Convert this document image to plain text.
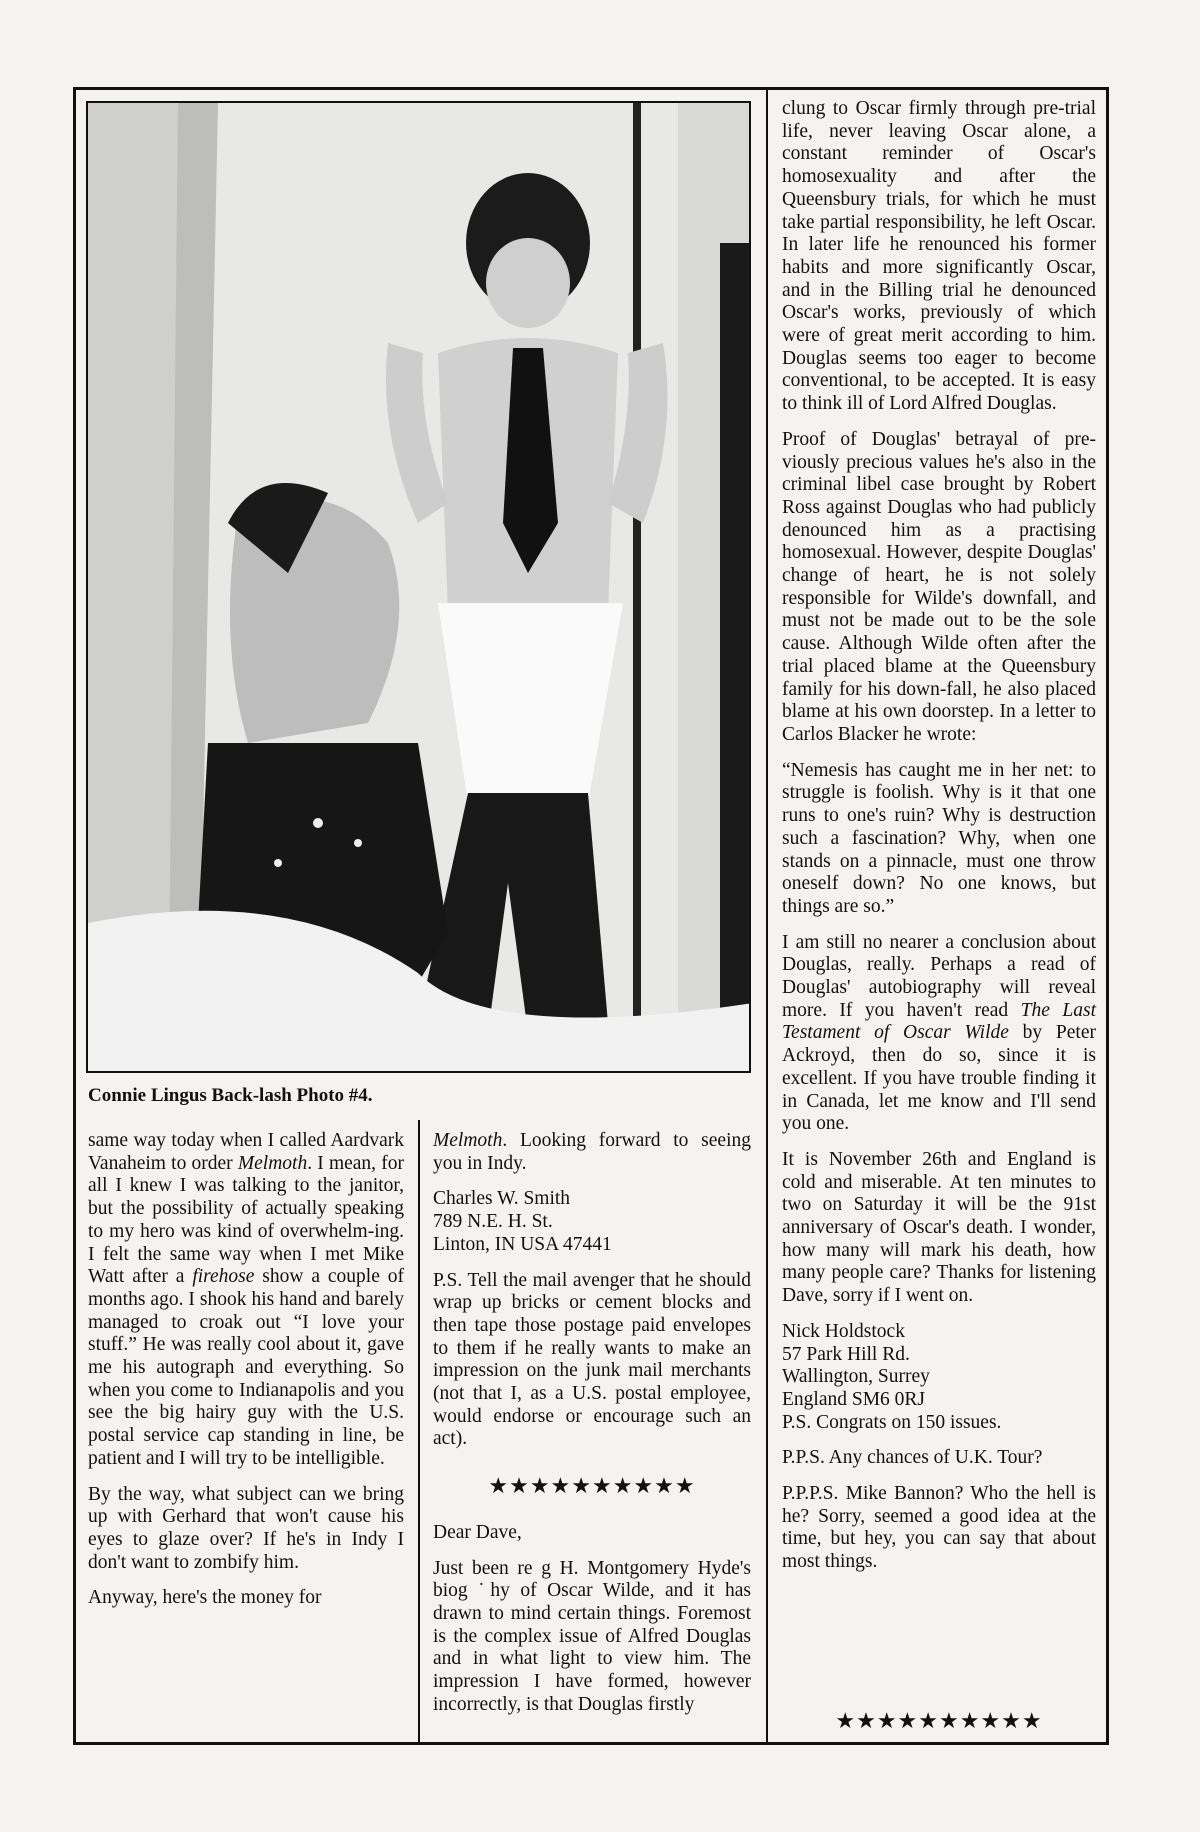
Connie Lingus Back-lash Photo #4.

same way today when I called Aardvark Vanaheim to order Melmoth. I mean, for all I knew I was talking to the janitor, but the possibility of actually speaking to my hero was kind of overwhelm-ing. I felt the same way when I met Mike Watt after a firehose show a couple of months ago. I shook his hand and barely managed to croak out “I love your stuff.” He was really cool about it, gave me his autograph and everything. So when you come to Indianapolis and you see the big hairy guy with the U.S. postal service cap standing in line, be patient and I will try to be intelligible.

By the way, what subject can we bring up with Gerhard that won't cause his eyes to glaze over? If he's in Indy I don't want to zombify him.

Anyway, here's the money for

Melmoth. Looking forward to seeing you in Indy.

Charles W. Smith
789 N.E. H. St.
Linton, IN USA 47441

P.S. Tell the mail avenger that he should wrap up bricks or cement blocks and then tape those postage paid envelopes to them if he really wants to make an impression on the junk mail merchants (not that I, as a U.S. postal employee, would endorse or encourage such an act).

★★★★★★★★★★

Dear Dave,

Just been re g H. Montgomery Hyde's biog ˙hy of Oscar Wilde, and it has drawn to mind certain things. Foremost is the complex issue of Alfred Douglas and in what light to view him. The impression I have formed, however incorrectly, is that Douglas firstly

clung to Oscar firmly through pre-trial life, never leaving Oscar alone, a constant reminder of Oscar's homosexuality and after the Queensbury trials, for which he must take partial responsibility, he left Oscar. In later life he renounced his former habits and more significantly Oscar, and in the Billing trial he denounced Oscar's works, previously of which were of great merit according to him. Douglas seems too eager to become conventional, to be accepted. It is easy to think ill of Lord Alfred Douglas.

Proof of Douglas' betrayal of pre-viously precious values he's also in the criminal libel case brought by Robert Ross against Douglas who had publicly denounced him as a practising homosexual. However, despite Douglas' change of heart, he is not solely responsible for Wilde's downfall, and must not be made out to be the sole cause. Although Wilde often after the trial placed blame at the Queensbury family for his down-fall, he also placed blame at his own doorstep. In a letter to Carlos Blacker he wrote:

“Nemesis has caught me in her net: to struggle is foolish. Why is it that one runs to one's ruin? Why is destruction such a fascination? Why, when one stands on a pinnacle, must one throw oneself down? No one knows, but things are so.”

I am still no nearer a conclusion about Douglas, really. Perhaps a read of Douglas' autobiography will reveal more. If you haven't read The Last Testament of Oscar Wilde by Peter Ackroyd, then do so, since it is excellent. If you have trouble finding it in Canada, let me know and I'll send you one.

It is November 26th and England is cold and miserable. At ten minutes to two on Saturday it will be the 91st anniversary of Oscar's death. I wonder, how many will mark his death, how many people care? Thanks for listening Dave, sorry if I went on.

Nick Holdstock
57 Park Hill Rd.
Wallington, Surrey
England SM6 0RJ
P.S. Congrats on 150 issues.

P.P.S. Any chances of U.K. Tour?

P.P.P.S. Mike Bannon? Who the hell is he? Sorry, seemed a good idea at the time, but hey, you can say that about most things.

★★★★★★★★★★
